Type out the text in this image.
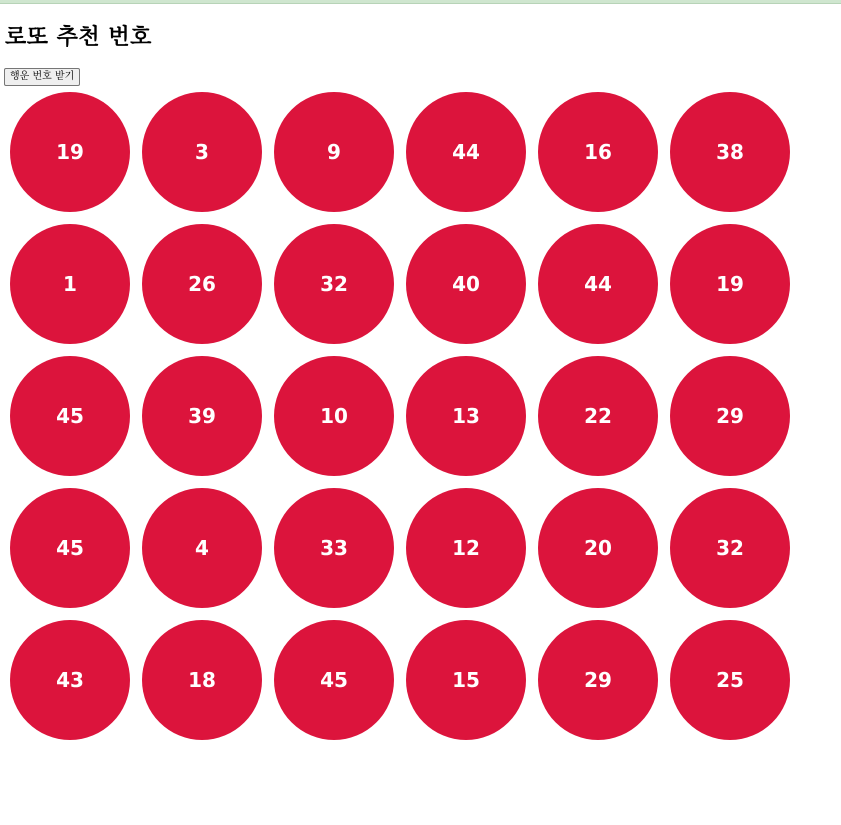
로또 추천 번호
행운 번호 받기
19	3	9	44	16	38
1	26	32	40	44	19
45	39	10	13	22	29
45	4	33	12	20	32
43	18	45	15	29	25
